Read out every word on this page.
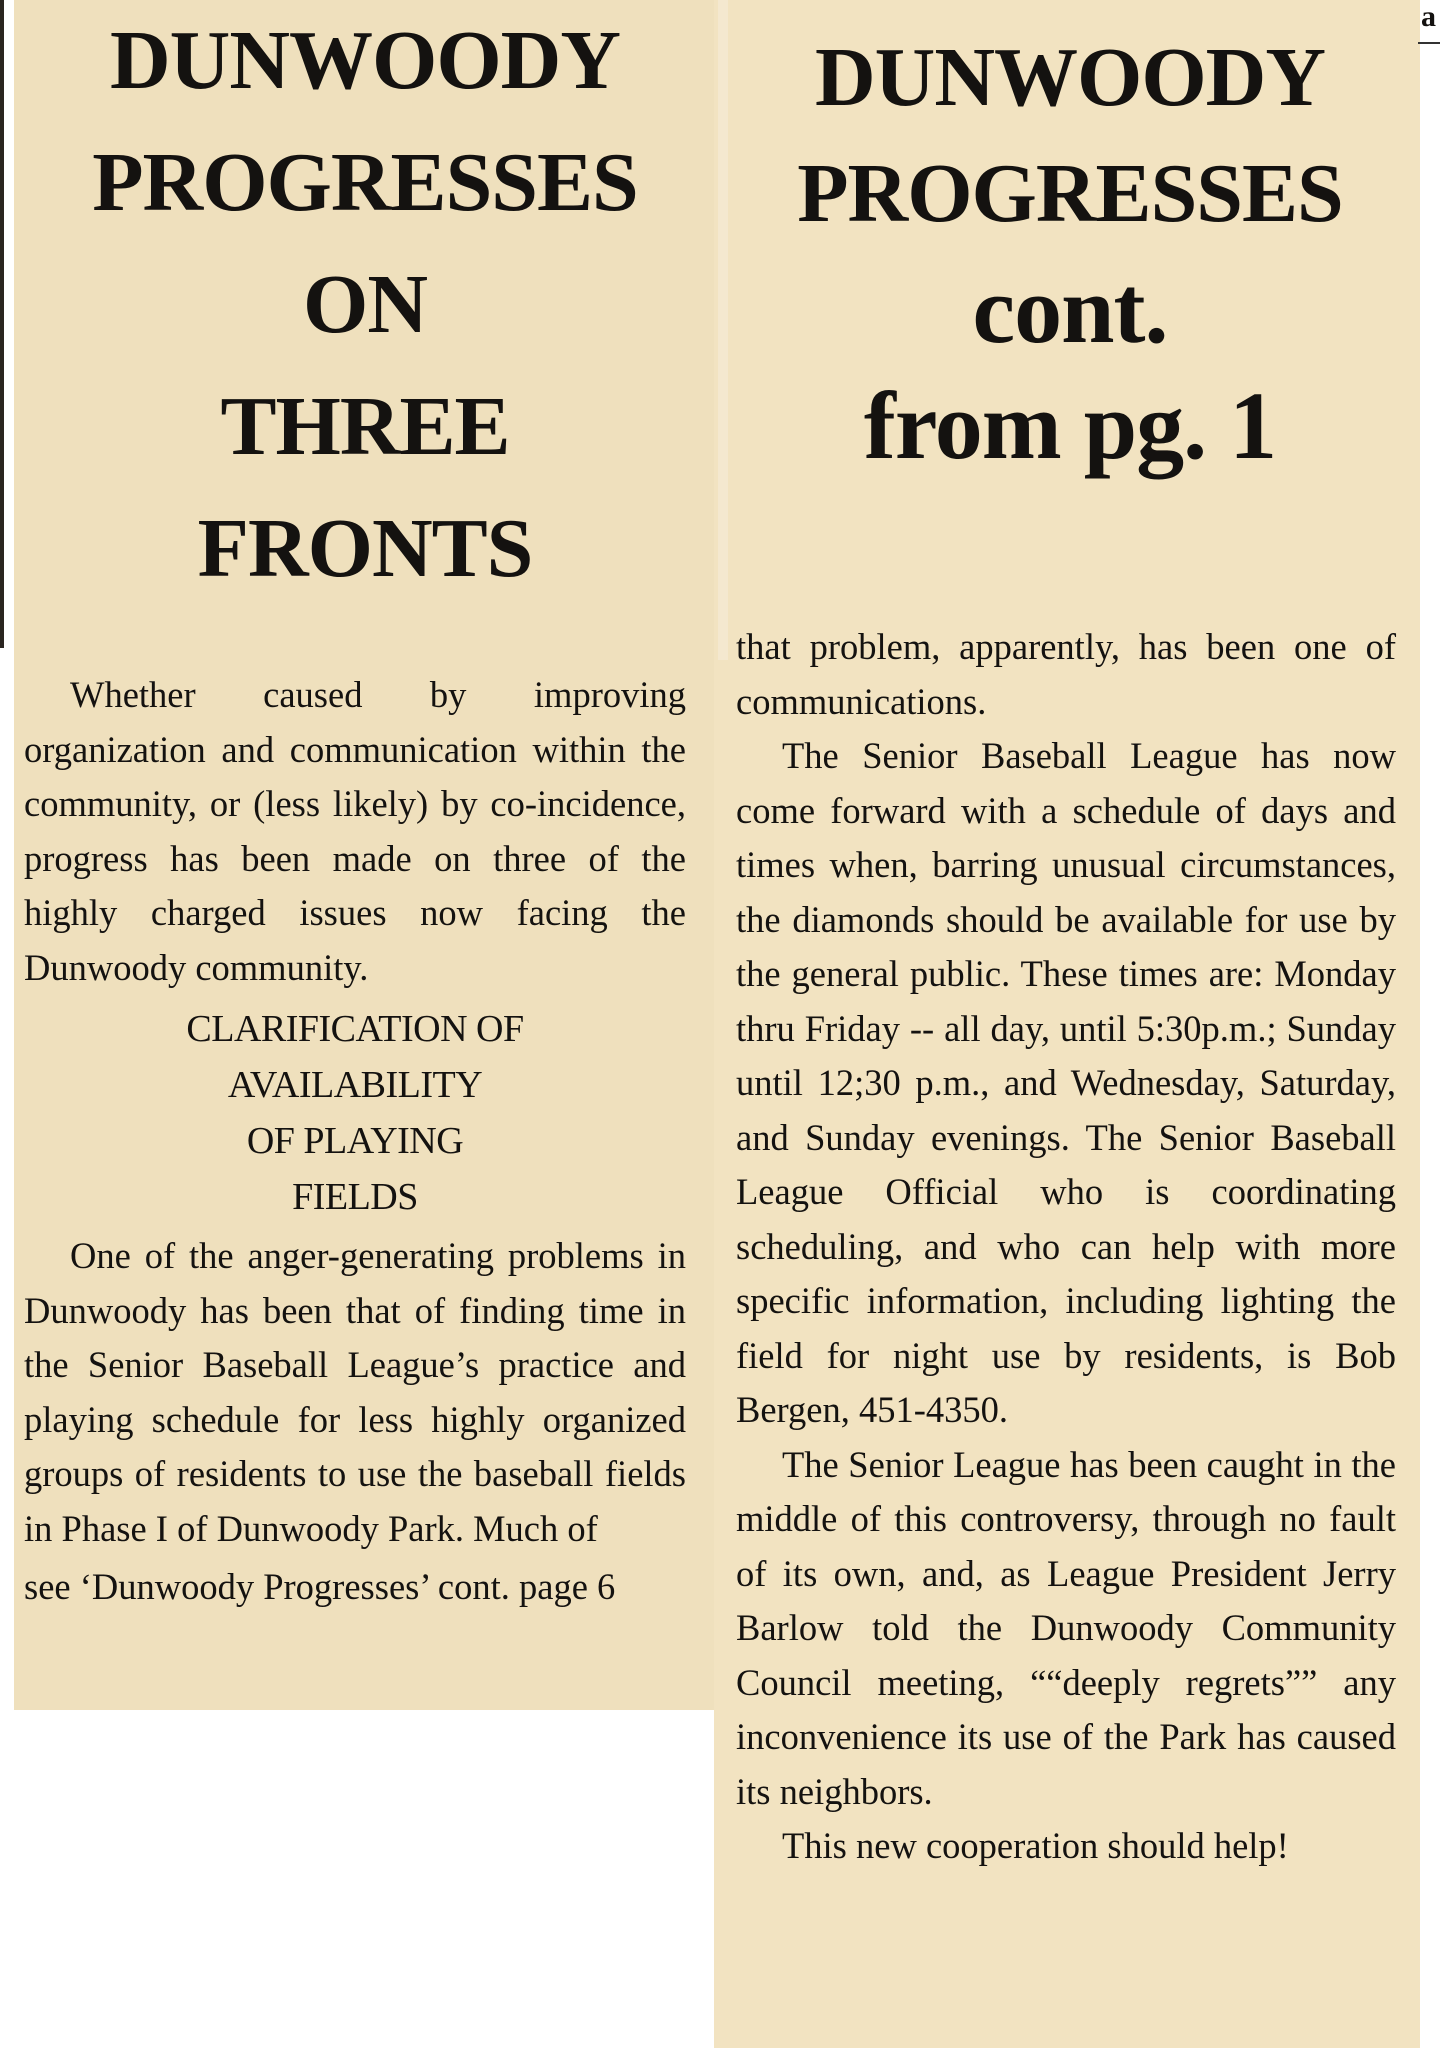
a
DUNWOODY
PROGRESSES
ON
THREE
FRONTS
DUNWOODY
PROGRESSES
cont.
from pg. 1

Whether caused by improving organization and communication within the community, or (less likely) by co-incidence, progress has been made on three of the highly charged issues now facing the Dunwoody community.

CLARIFICATION OF
AVAILABILITY
OF PLAYING
FIELDS

One of the anger-generating problems in Dunwoody has been that of finding time in the Senior Baseball League’s practice and playing schedule for less highly organized groups of residents to use the baseball fields in Phase I of Dunwoody Park. Much of

see ‘Dunwoody Progresses’ cont. page 6

that problem, apparently, has been one of communications.

The Senior Baseball League has now come forward with a schedule of days and times when, barring unusual circumstances, the diamonds should be available for use by the general public. These times are: Monday thru Friday -- all day, until 5:30p.m.; Sunday until 12;30 p.m., and Wednesday, Saturday, and Sunday evenings. The Senior Baseball League Official who is coordinating scheduling, and who can help with more specific information, including lighting the field for night use by residents, is Bob Bergen, 451-4350.

The Senior League has been caught in the middle of this controversy, through no fault of its own, and, as League President Jerry Barlow told the Dunwoody Community Council meeting, ““deeply regrets”” any inconvenience its use of the Park has caused its neighbors.

This new cooperation should help!
